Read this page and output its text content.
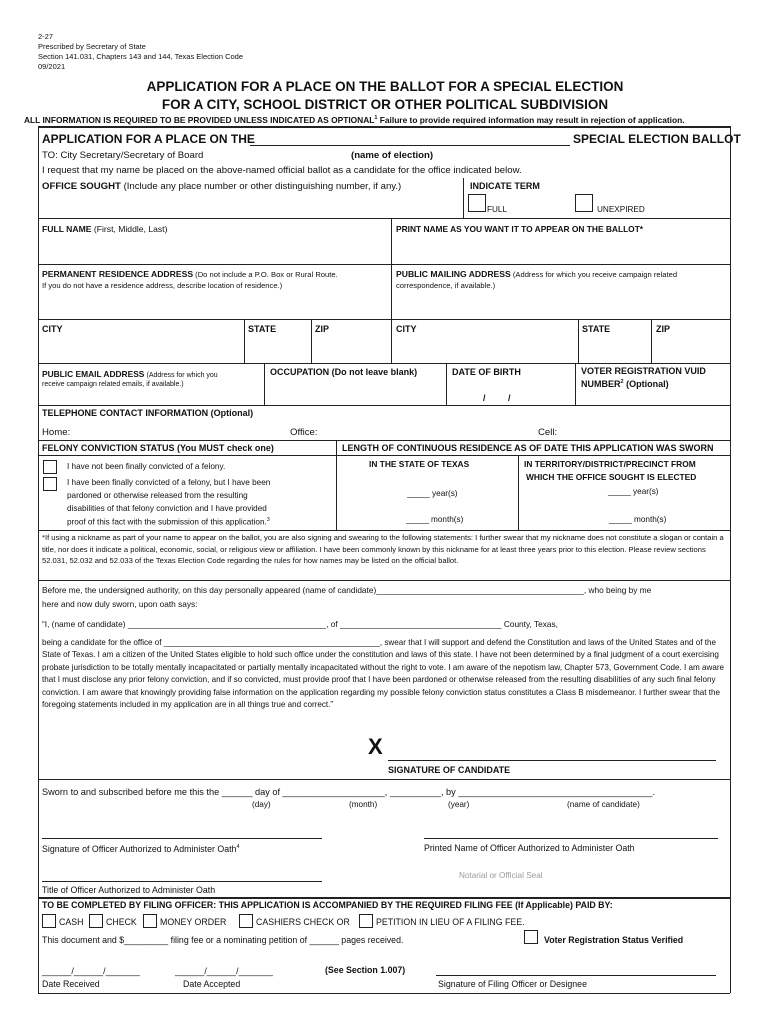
2-27
Prescribed by Secretary of State
Section 141.031, Chapters 143 and 144, Texas Election Code
09/2021
APPLICATION FOR A PLACE ON THE BALLOT FOR A SPECIAL ELECTION
FOR A CITY, SCHOOL DISTRICT OR OTHER POLITICAL SUBDIVISION
ALL INFORMATION IS REQUIRED TO BE PROVIDED UNLESS INDICATED AS OPTIONAL$^1$ Failure to provide required information may result in rejection of application.
APPLICATION FOR A PLACE ON THE	SPECIAL ELECTION BALLOT
TO: City Secretary/Secretary of Board	(name of election)
I request that my name be placed on the above-named official ballot as a candidate for the office indicated below.
OFFICE SOUGHT (Include any place number or other distinguishing number, if any.)	INDICATE TERM
FULL	UNEXPIRED
FULL NAME (First, Middle, Last)	PRINT NAME AS YOU WANT IT TO APPEAR ON THE BALLOT*
PERMANENT RESIDENCE ADDRESS (Do not include a P.O. Box or Rural Route.
If you do not have a residence address, describe location of residence.)
PUBLIC MAILING ADDRESS (Address for which you receive campaign related
correspondence, if available.)
CITY	STATE	ZIP	CITY	STATE	ZIP
PUBLIC EMAIL ADDRESS (Address for which you
receive campaign related emails, if available.)
OCCUPATION (Do not leave blank)	DATE OF BIRTH
/         /
VOTER REGISTRATION VUID
NUMBER$^2$ (Optional)
TELEPHONE CONTACT INFORMATION (Optional)
Home:	Office:	Cell:
FELONY CONVICTION STATUS (You MUST check one)	LENGTH OF CONTINUOUS RESIDENCE AS OF DATE THIS APPLICATION WAS SWORN
I have not been finally convicted of a felony.
I have been finally convicted of a felony, but I have been
pardoned or otherwise released from the resulting
disabilities of that felony conviction and I have provided
proof of this fact with the submission of this application.$^3$
IN THE STATE OF TEXAS	IN TERRITORY/DISTRICT/PRECINCT FROM
WHICH THE OFFICE SOUGHT IS ELECTED
_____ year(s)
_____ month(s)
_____ year(s)
_____ month(s)
*If using a nickname as part of your name to appear on the ballot, you are also signing and swearing to the following statements: I further swear that my nickname does not constitute a slogan or contain a title, nor does it indicate a political, economic, social, or religious view or affiliation. I have been commonly known by this nickname for at least three years prior to this election. Please review sections 52.031, 52.032 and 52.033 of the Texas Election Code regarding the rules for how names may be listed on the official ballot.
Before me, the undersigned authority, on this day personally appeared (name of candidate)_____________________________________________, who being by me
here and now duly sworn, upon oath says:
“I, (name of candidate) ___________________________________________, of ___________________________________ County, Texas,
being a candidate for the office of ________________________________________________, swear that I will support and defend the Constitution and laws of the United States and of the State of Texas. I am a citizen of the United States eligible to hold such office under the constitution and laws of this state. I have not been determined by a final judgment of a court exercising probate jurisdiction to be totally mentally incapacitated or partially mentally incapacitated without the right to vote. I am aware of the nepotism law, Chapter 573, Government Code. I am aware that I must disclose any prior felony conviction, and if so convicted, must provide proof that I have been pardoned or otherwise released from the resulting disabilities of any such final felony conviction. I am aware that knowingly providing false information on the application regarding my possible felony conviction status constitutes a Class B misdemeanor. I further swear that the foregoing statements included in my application are in all things true and correct.”
X
SIGNATURE OF CANDIDATE
Sworn to and subscribed before me this the ______ day of ____________________, __________, by ______________________________________.
(day)	(month)	(year)	(name of candidate)
Signature of Officer Authorized to Administer Oath$^4$	Printed Name of Officer Authorized to Administer Oath
Notarial or Official Seal
Title of Officer Authorized to Administer Oath
TO BE COMPLETED BY FILING OFFICER: THIS APPLICATION IS ACCOMPANIED BY THE REQUIRED FILING FEE (If Applicable) PAID BY:
CASH	CHECK	MONEY ORDER	CASHIERS CHECK OR	PETITION IN LIEU OF A FILING FEE.
This document and $_________ filing fee or a nominating petition of ______ pages received.	Voter Registration Status Verified
______/______/_______	______/______/_______	(See Section 1.007)
Date Received	Date Accepted	Signature of Filing Officer or Designee
